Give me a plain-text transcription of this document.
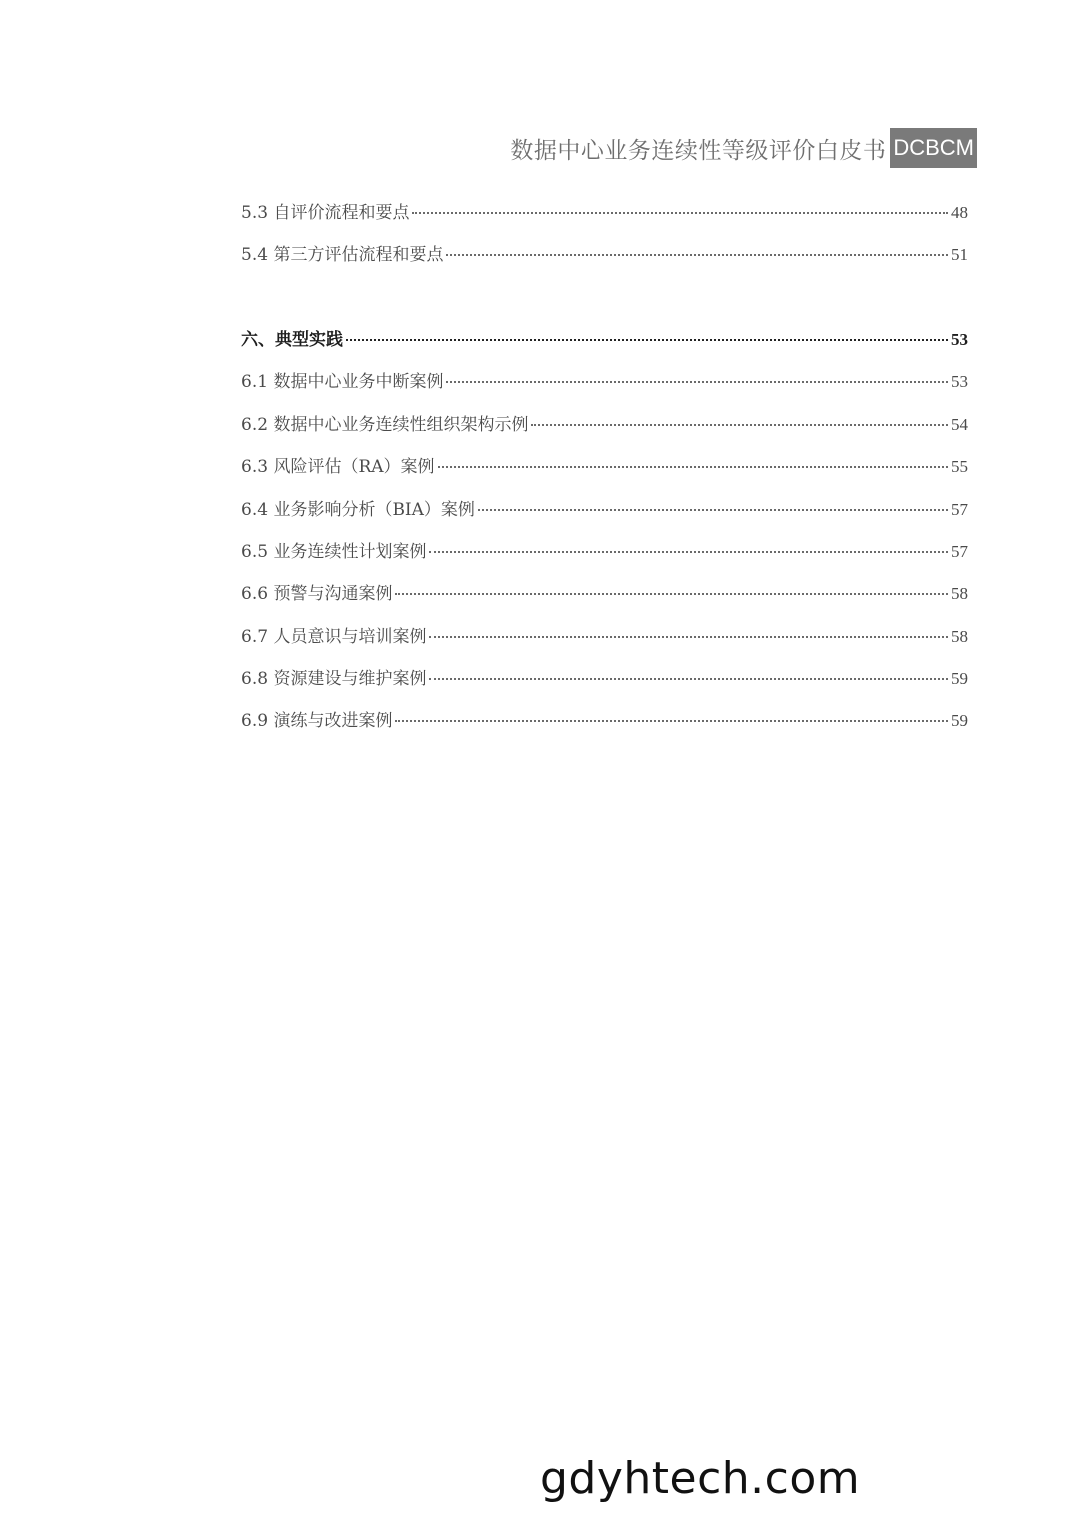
数据中心业务连续性等级评价白皮书 DCBCM
5.3 自评价流程和要点	48
5.4 第三方评估流程和要点	51
六、典型实践	53
6.1 数据中心业务中断案例	53
6.2 数据中心业务连续性组织架构示例	54
6.3 风险评估（RA）案例	55
6.4 业务影响分析（BIA）案例	57
6.5 业务连续性计划案例	57
6.6 预警与沟通案例	58
6.7 人员意识与培训案例	58
6.8 资源建设与维护案例	59
6.9 演练与改进案例	59
gdyhtech.com
